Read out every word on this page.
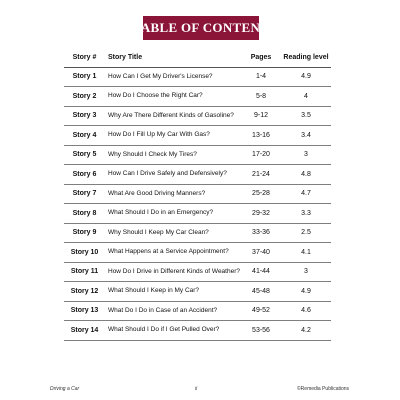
TABLE OF CONTENT
Story #	Story Title	Pages	Reading level
Story 1	How Can I Get My Driver's License?	1-4	4.9
Story 2	How Do I Choose the Right Car?	5-8	4
Story 3	Why Are There Different Kinds of Gasoline?	9-12	3.5
Story 4	How Do I Fill Up My Car With Gas?	13-16	3.4
Story 5	Why Should I Check My Tires?	17-20	3
Story 6	How Can I Drive Safely and Defensively?	21-24	4.8
Story 7	What Are Good Driving Manners?	25-28	4.7
Story 8	What Should I Do in an Emergency?	29-32	3.3
Story 9	Why Should I Keep My Car Clean?	33-36	2.5
Story 10	What Happens at a Service Appointment?	37-40	4.1
Story 11	How Do I Drive in Different Kinds of Weather?	41-44	3
Story 12	What Should I Keep in My Car?	45-48	4.9
Story 13	What Do I Do in Case of an Accident?	49-52	4.6
Story 14	What Should I Do if I Get Pulled Over?	53-56	4.2
Driving a Car	ii	©Remedia Publications
